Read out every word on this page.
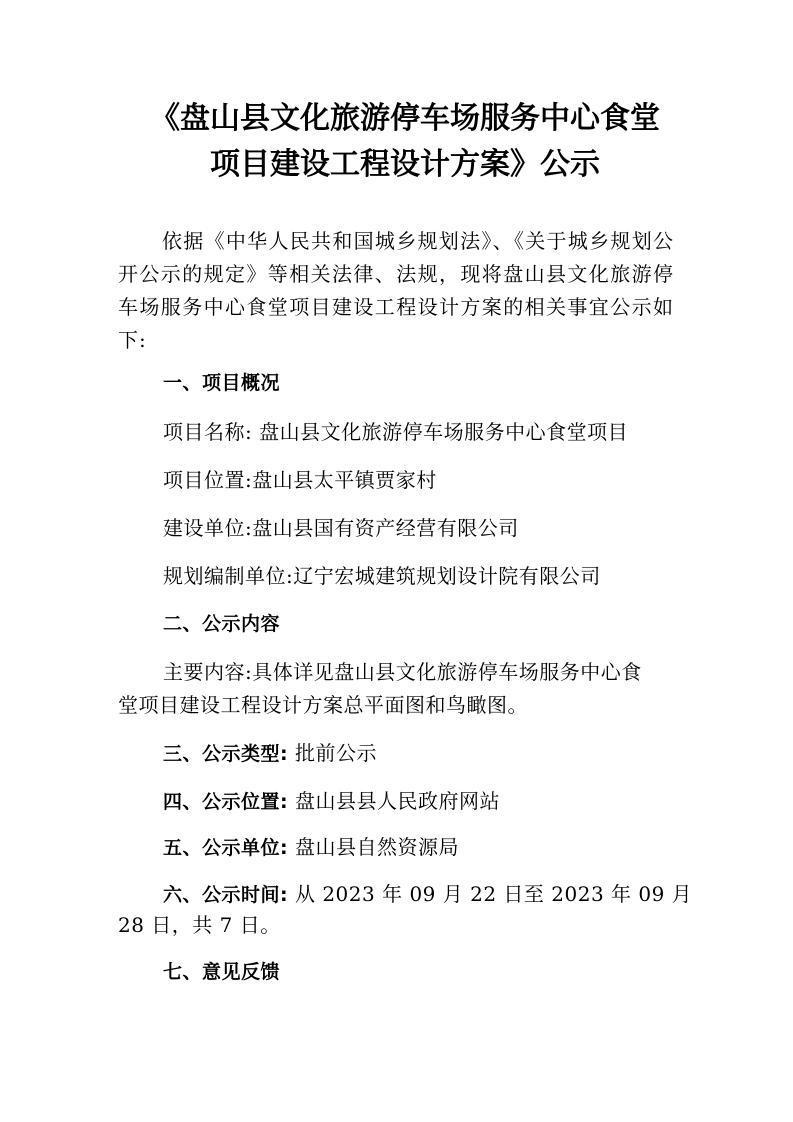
《盘山县文化旅游停车场服务中心食堂
项目建设工程设计方案》公示
依据《中华人民共和国城乡规划法》、《关于城乡规划公开公示的规定》等相关法律、法规，现将盘山县文化旅游停车场服务中心食堂项目建设工程设计方案的相关事宜公示如下:
一、项目概况
项目名称: 盘山县文化旅游停车场服务中心食堂项目
项目位置:盘山县太平镇贾家村
建设单位:盘山县国有资产经营有限公司
规划编制单位:辽宁宏城建筑规划设计院有限公司
二、公示内容
主要内容:具体详见盘山县文化旅游停车场服务中心食
堂项目建设工程设计方案总平面图和鸟瞰图。
三、公示类型: 批前公示
四、公示位置: 盘山县县人民政府网站
五、公示单位: 盘山县自然资源局
六、公示时间: 从 2023 年 09 月 22 日至 2023 年 09 月
28 日，共 7 日。
七、意见反馈
